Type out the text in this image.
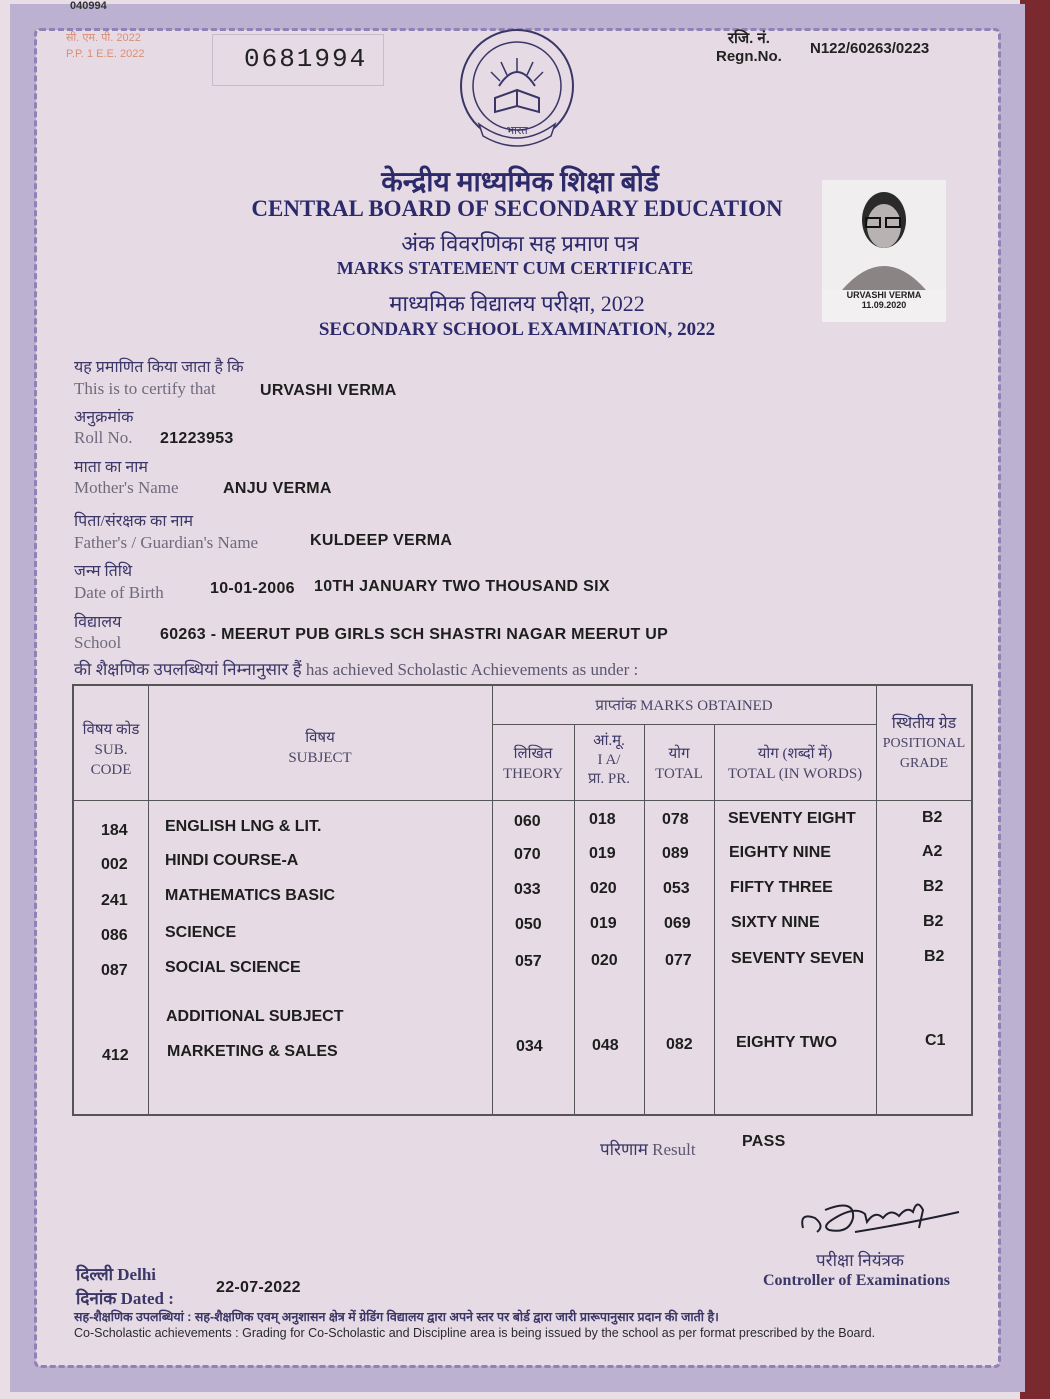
040994
सी. एम. पी. 2022
P.P. 1 E.E. 2022	0681994
रजि. नं.
Regn.No. N122/60263/0223
भारत
केन्द्रीय माध्यमिक शिक्षा बोर्ड
CENTRAL BOARD OF SECONDARY EDUCATION
अंक विवरणिका सह प्रमाण पत्र
MARKS STATEMENT CUM CERTIFICATE
माध्यमिक विद्यालय परीक्षा, 2022
SECONDARY SCHOOL EXAMINATION, 2022
URVASHI VERMA
11.09.2020
यह प्रमाणित किया जाता है कि
This is to certify that	URVASHI VERMA
अनुक्रमांक
Roll No. 21223953
माता का नाम
Mother's Name	ANJU VERMA
पिता/संरक्षक का नाम
Father's / Guardian's Name	KULDEEP VERMA
जन्म तिथि
Date of Birth	10-01-2006 10TH JANUARY TWO THOUSAND SIX
विद्यालय
School 60263 - MEERUT PUB GIRLS SCH SHASTRI NAGAR MEERUT UP
की शैक्षणिक उपलब्धियां निम्नानुसार हैं has achieved Scholastic Achievements as under :
विषय कोड
SUB.
CODE
विषय
SUBJECT
प्राप्तांक MARKS OBTAINED
लिखित
THEORY
आं.मू.
I A/
प्रा. PR.
योग
TOTAL
योग (शब्दों में)
TOTAL (IN WORDS)
स्थितीय ग्रेड
POSITIONAL
GRADE
184 ENGLISH LNG & LIT.	060	018	078 SEVENTY EIGHT	B2
002 HINDI COURSE-A	070	019	089	EIGHTY NINE	A2
241 MATHEMATICS BASIC	033	020	053	FIFTY THREE	B2
086 SCIENCE	050	019	069	SIXTY NINE	B2
087 SOCIAL SCIENCE	057	020	077 SEVENTY SEVEN	B2
ADDITIONAL SUBJECT
412 MARKETING & SALES	034	048	082	EIGHTY TWO	C1
परिणाम Result	PASS
परीक्षा नियंत्रक
Controller of Examinations
दिल्ली Delhi
दिनांक Dated :
22-07-2022
सह-शैक्षणिक उपलब्धियां : सह-शैक्षणिक एवम् अनुशासन क्षेत्र में ग्रेडिंग विद्यालय द्वारा अपने स्तर पर बोर्ड द्वारा जारी प्रारूपानुसार प्रदान की जाती है।
Co-Scholastic achievements : Grading for Co-Scholastic and Discipline area is being issued by the school as per format prescribed by the Board.
